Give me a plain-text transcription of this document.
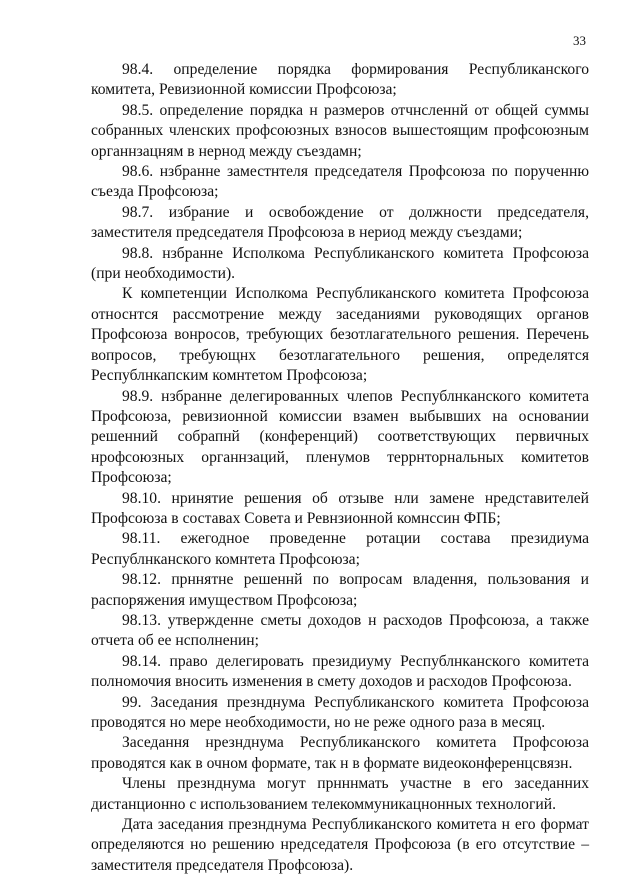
33

98.4. определение порядка формирования Республиканского комитета, Ревизионной комиссии Профсоюза;

98.5. определение порядка н размеров отчнсленнй от общей суммы собранных членских профсоюзных взносов вышестоящим профсоюзным органнзацням в нернод между съездамн;

98.6. нзбранне заместнтеля председателя Профсоюза по порученню съезда Профсоюза;

98.7. избрание и освобождение от должности председателя, заместителя председателя Профсоюза в нериод между съездами;

98.8. нзбранне Исполкома Республиканского комитета Профсоюза (при необходимости).

К компетенции Исполкома Республиканского комитета Профсоюза относнтся рассмотрение между заседаниями руководящих органов Профсоюза вонросов, требующих безотлагательного решения. Перечень вопросов, требующнх безотлагательного решения, определятся Республнкапским комнтетом Профсоюза;

98.9. нзбранне делегированных члепов Республнканского комитета Профсоюза, ревизионной комиссии взамен выбывших на основании решенний собрапнй (конференций) соответствующих первичных нрофсоюзных органнзаций, пленумов террнторнальных комитетов Профсоюза;

98.10. нринятие решения об отзыве нли замене нредставителей Профсоюза в составах Совета и Ревнзионной комнссин ФПБ;

98.11. ежегодное проведенне ротации состава президиума Республнканского комнтета Профсоюза;

98.12. прннятне решеннй по вопросам владення, пользования и распоряжения имуществом Профсоюза;

98.13. утвержденне сметы доходов н расходов Профсоюза, а также отчета об ее нсполненин;

98.14. право делегировать президиуму Республнканского комитета полномочия вносить изменения в смету доходов и расходов Профсоюза.

99. Заседания презнднума Республиканского комитета Профсоюза проводятся но мере необходимости, но не реже одного раза в месяц.

Заседання нрезнднума Республиканского комитета Профсоюза проводятся как в очном формате, так н в формате видеоконференцсвязн.

Члены презнднума могут прнннмать участне в его заседанних дистанционно с использованием телекоммуникацнонных технологий.

Дата заседания презнднума Республиканского комитета н его формат определяются но решению нредседателя Профсоюза (в его отсутствие – заместителя председателя Профсоюза).
